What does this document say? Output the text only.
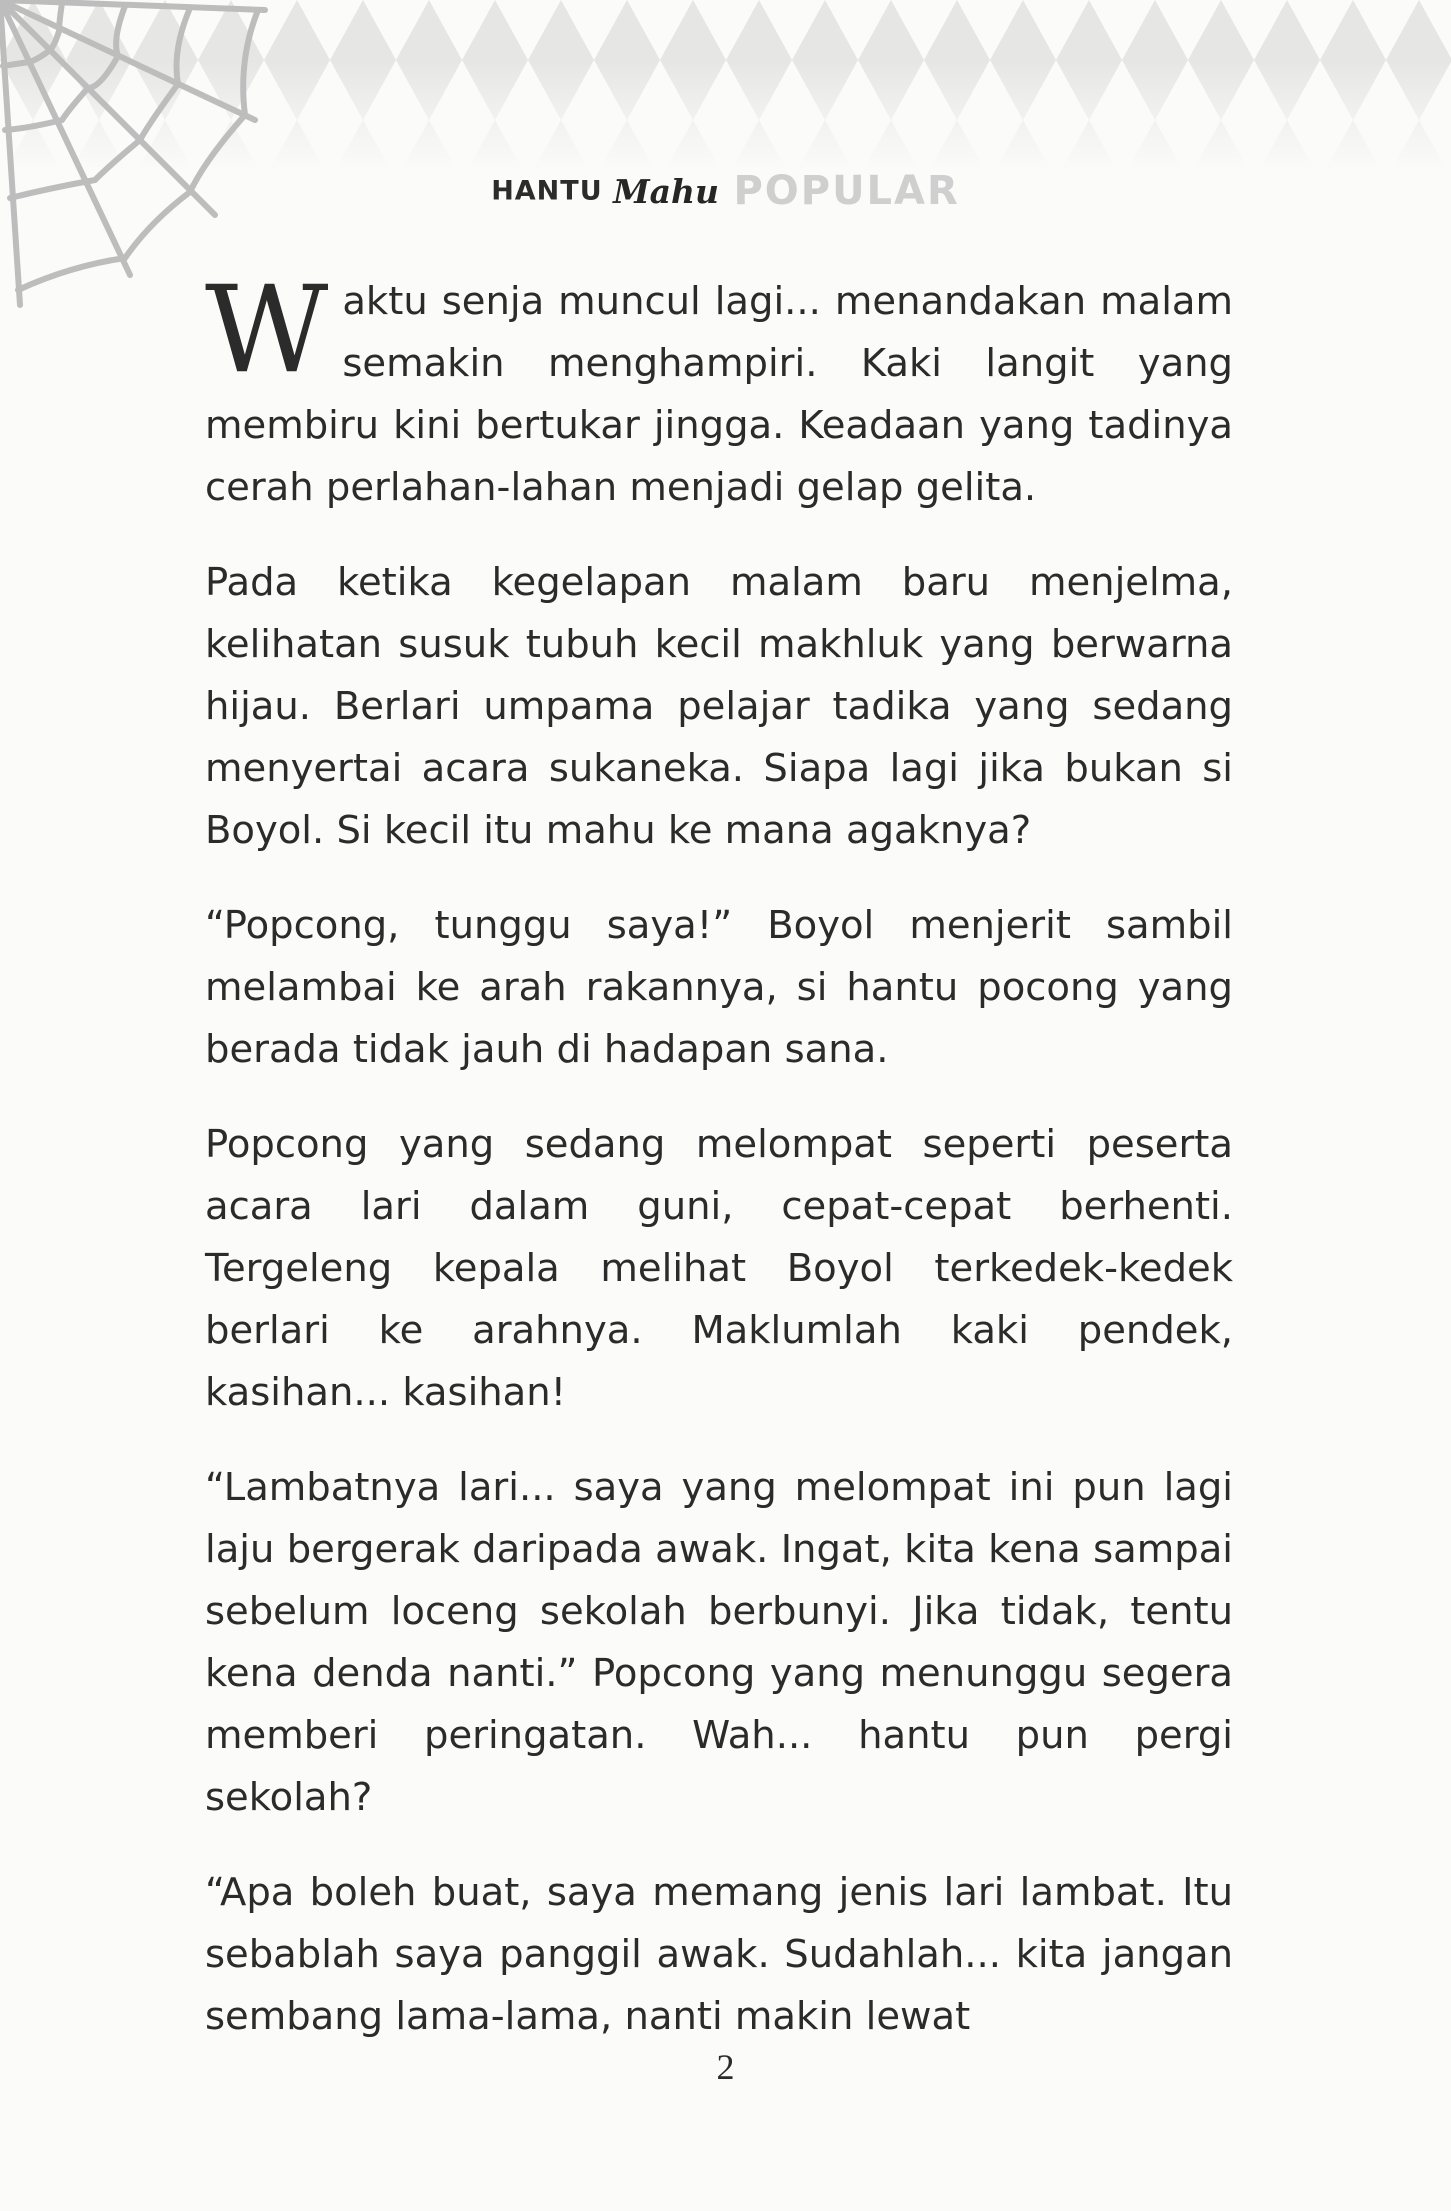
HANTU Mahu POPULAR

Waktu senja muncul lagi... menandakan malam semakin menghampiri. Kaki langit yang membiru kini bertukar jingga. Keadaan yang tadinya cerah perlahan-lahan menjadi gelap gelita.

Pada ketika kegelapan malam baru menjelma, kelihatan susuk tubuh kecil makhluk yang berwarna hijau. Berlari umpama pelajar tadika yang sedang menyertai acara sukaneka. Siapa lagi jika bukan si Boyol. Si kecil itu mahu ke mana agaknya?

“Popcong, tunggu saya!” Boyol menjerit sambil melambai ke arah rakannya, si hantu pocong yang berada tidak jauh di hadapan sana.

Popcong yang sedang melompat seperti peserta acara lari dalam guni, cepat-cepat berhenti. Tergeleng kepala melihat Boyol terkedek-kedek berlari ke arahnya. Maklumlah kaki pendek, kasihan... kasihan!

“Lambatnya lari... saya yang melompat ini pun lagi laju bergerak daripada awak. Ingat, kita kena sampai sebelum loceng sekolah berbunyi. Jika tidak, tentu kena denda nanti.” Popcong yang menunggu segera memberi peringatan. Wah... hantu pun pergi sekolah?

“Apa boleh buat, saya memang jenis lari lambat. Itu sebablah saya panggil awak. Sudahlah... kita jangan sembang lama-lama, nanti makin lewat

2
